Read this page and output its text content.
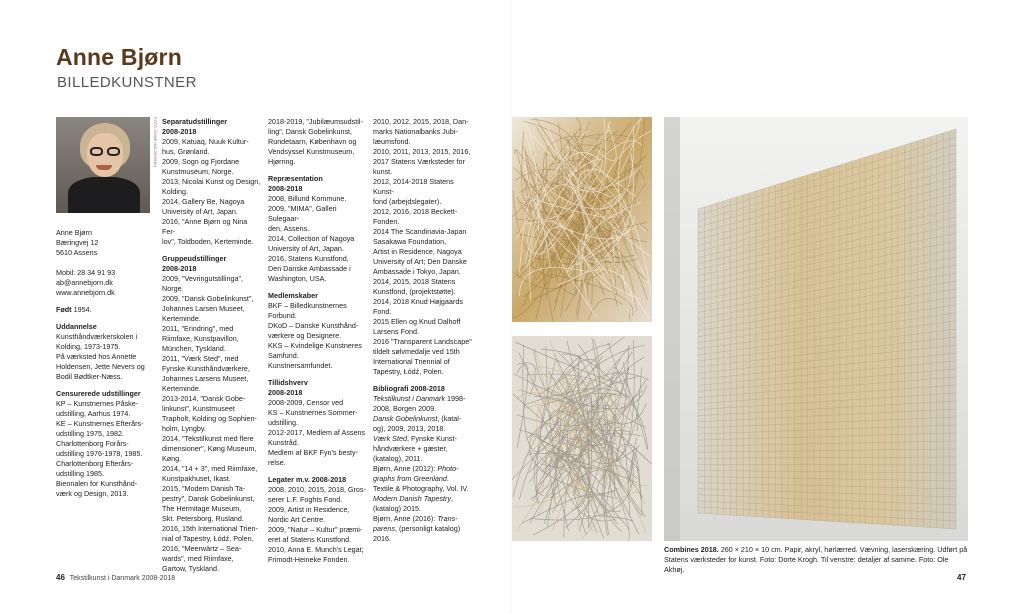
Anne Bjørn
BILLEDKUNSTNER
FOTO: ANNE HOLDENSEN

Anne Bjørn

Bæringvej 12

5610 Assens

Mobil: 28 34 91 93

ab@annebjorn.dk

www.annebjorn.dk

Født 1954.

Uddannelse

Kunsthåndværkerskolen i

Kolding, 1973-1975.

På værksted hos Annette

Holdensen, Jette Nevers og

Bodil Bødtker-Næss.

Censurerede udstillinger

KP – Kunstnernes Påske-

udstilling, Aarhus 1974.

KE – Kunstnernes Efterårs-

udstilling 1975, 1982.

Charlottenborg Forårs-

udstilling 1976-1978, 1985.

Charlottenborg Efterårs-

udstilling 1985.

Biennalen for Kunsthånd-

værk og Design, 2013.

Separatudstillinger

2008-2018

2009, Katuaq, Nuuk Kultur-

hus, Grønland.

2009, Sogn og Fjordane

Kunstmuseum, Norge.

2013, Nicolai Kunst og Design,

Kolding.

2014, Gallery Be, Nagoya

University of Art, Japan.

2016, "Anne Bjørn og Nina Fer-

lov", Toldboden, Kerteminde.

Gruppeudstillinger

2008-2018

2009, "Vevringutstillinga",

Norge.

2009, "Dansk Gobelinkunst",

Johannes Larsen Museet,

Kerteminde.

2011, "Erindring", med

Riimfaxe, Kunstpavillon,

München, Tyskland.

2011, "Værk Sted", med

Fynske Kunsthåndværkere,

Johannes Larsens Museet,

Kerteminde.

2013-2014, "Dansk Gobe-

linkunst", Kunstmuseet

Trapholt, Kolding og Sophien-

holm, Lyngby.

2014, "Tekstilkunst med flere

dimensioner", Køng Museum,

Køng.

2014, "14 + 3", med Riimfaxe,

Kunstpakhuset, Ikast.

2015, "Modern Danish Ta-

pestry", Dansk Gobelinkunst,

The Hermitage Museum,

Skt. Petersborg, Rusland.

2016, 15th International Trien-

nial of Tapestry, Łódź, Polen.

2016, "Meerwärtz – Sea-

wards", med Riimfaxe,

Gartow, Tyskland.

2018-2019, "Jubilæumsudstil-

ling", Dansk Gobelinkunst,

Rundetaarn, København og

Vendsyssel Kunstmuseum,

Hjørring.

Repræsentation

2008-2018

2008, Billund Kommune.

2009, "MIMA", Galleri Sulegaar-

den, Assens.

2014, Collection of Nagoya

University of Art, Japan.

2016, Statens Kunstfond,

Den Danske Ambassade i

Washington, USA.

Medlemskaber

BKF – Billedkunstnernes

Forbund.

DKoD – Danske Kunsthånd-

værkere og Designere.

KKS – Kvindelige Kunstneres

Samfund.

Kunstnersamfundet.

Tillidshverv

2008-2018

2008-2009, Censor ved

KS – Kunstnernes Sommer-

udstilling.

2012-2017, Medlem af Assens

Kunstråd.

Medlem af BKF Fyn's besty-

relse.

Legater m.v. 2008-2018

2008, 2010, 2015, 2018, Gros-

serer L.F. Foghts Fond.

2009, Artist in Residence,

Nordic Art Centre.

2009, "Natur – Kultur" præmi-

eret af Statens Kunstfond.

2010, Anna E. Munch's Legat;

Frimodt-Heineke Fonden.

2010, 2012, 2015, 2018, Dan-

marks Nationalbanks Jubi-

læumsfond.

2010, 2011, 2013, 2015, 2016,

2017 Statens Værksteder for

kunst.

2012, 2014-2018 Statens Kunst-

fond (arbejdslegater).

2012, 2016, 2018 Beckett-

Fonden.

2014 The Scandinavia-Japan

Sasakawa Foundation,

Artist in Residence, Nagoya

University of Art; Den Danske

Ambassade i Tokyo, Japan.

2014, 2015, 2018 Statens

Kunstfond, (projektstøtte).

2014, 2018 Knud Højgaards

Fond.

2015 Ellen og Knud Dalhoff

Larsens Fond.

2016 "Transparent Landscape"

tildelt sølvmedalje ved 15th

International Triennial of

Tapestry, Łódź, Polen.

Bibliografi 2008-2018

Tekstilkunst i Danmark 1998-

2008, Borgen 2009.

Dansk Gobelinkunst, (katal-

og), 2009, 2013, 2018.

Værk Sted, Fynske Kunst-

håndværkere + gæster,

(katalog), 2011.

Bjørn, Anne (2012): Photo-

graphs from Greenland.

Textile & Photography, Vol. IV.

Modern Danish Tapestry,

(katalog) 2015.

Bjørn, Anne (2016): Trans-

parens, (personligt katalog)

2016.

Combines 2018. 260 × 210 × 10 cm. Papir, akryl, hørlærred. Vævning, laserskæring. Udført på Statens værksteder for kunst. Foto: Dorte Krogh. Til venstre: detaljer af samme. Foto: Ole Akhøj.
46 Tekstilkunst i Danmark 2008-2018	47
